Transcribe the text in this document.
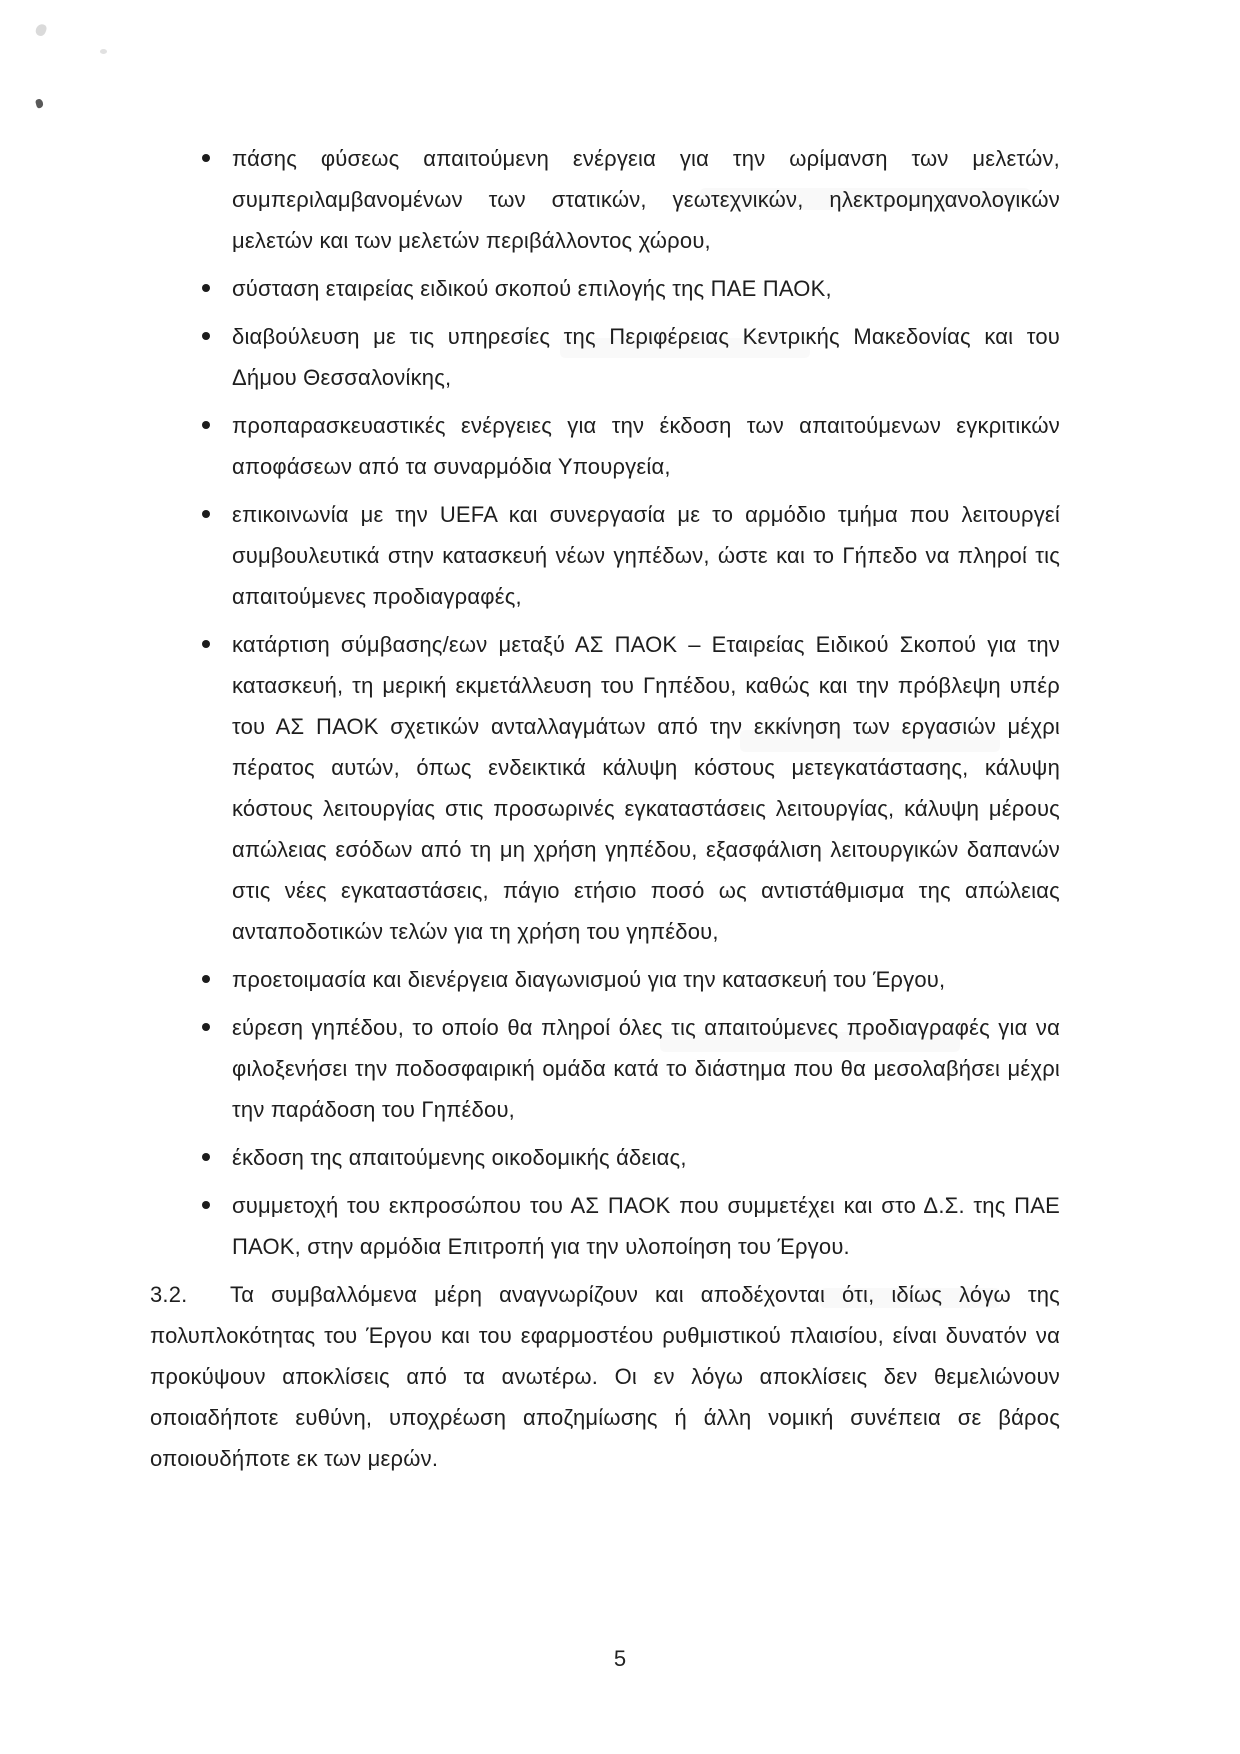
πάσης φύσεως απαιτούμενη ενέργεια για την ωρίμανση των μελετών, συμπεριλαμβανομένων των στατικών, γεωτεχνικών, ηλεκτρομηχανολογικών μελετών και των μελετών περιβάλλοντος χώρου,

σύσταση εταιρείας ειδικού σκοπού επιλογής της ΠΑΕ ΠΑΟΚ,

διαβούλευση με τις υπηρεσίες της Περιφέρειας Κεντρικής Μακεδονίας και του Δήμου Θεσσαλονίκης,

προπαρασκευαστικές ενέργειες για την έκδοση των απαιτούμενων εγκριτικών αποφάσεων από τα συναρμόδια Υπουργεία,

επικοινωνία με την UEFA και συνεργασία με το αρμόδιο τμήμα που λειτουργεί συμβουλευτικά στην κατασκευή νέων γηπέδων, ώστε και το Γήπεδο να πληροί τις απαιτούμενες προδιαγραφές,

κατάρτιση σύμβασης/εων μεταξύ ΑΣ ΠΑΟΚ – Εταιρείας Ειδικού Σκοπού για την κατασκευή, τη μερική εκμετάλλευση του Γηπέδου, καθώς και την πρόβλεψη υπέρ του ΑΣ ΠΑΟΚ σχετικών ανταλλαγμάτων από την εκκίνηση των εργασιών μέχρι πέρατος αυτών, όπως ενδεικτικά κάλυψη κόστους μετεγκατάστασης, κάλυψη κόστους λειτουργίας στις προσωρινές εγκαταστάσεις λειτουργίας, κάλυψη μέρους απώλειας εσόδων από τη μη χρήση γηπέδου, εξασφάλιση λειτουργικών δαπανών στις νέες εγκαταστάσεις, πάγιο ετήσιο ποσό ως αντιστάθμισμα της απώλειας ανταποδοτικών τελών για τη χρήση του γηπέδου,

προετοιμασία και διενέργεια διαγωνισμού για την κατασκευή του Έργου,

εύρεση γηπέδου, το οποίο θα πληροί όλες τις απαιτούμενες προδιαγραφές για να φιλοξενήσει την ποδοσφαιρική ομάδα κατά το διάστημα που θα μεσολαβήσει μέχρι την παράδοση του Γηπέδου,

έκδοση της απαιτούμενης οικοδομικής άδειας,

συμμετοχή του εκπροσώπου του ΑΣ ΠΑΟΚ που συμμετέχει και στο Δ.Σ. της ΠΑΕ ΠΑΟΚ, στην αρμόδια Επιτροπή για την υλοποίηση του Έργου.

3.2. Τα συμβαλλόμενα μέρη αναγνωρίζουν και αποδέχονται ότι, ιδίως λόγω της πολυπλοκότητας του Έργου και του εφαρμοστέου ρυθμιστικού πλαισίου, είναι δυνατόν να προκύψουν αποκλίσεις από τα ανωτέρω. Οι εν λόγω αποκλίσεις δεν θεμελιώνουν οποιαδήποτε ευθύνη, υποχρέωση αποζημίωσης ή άλλη νομική συνέπεια σε βάρος οποιουδήποτε εκ των μερών.

5
